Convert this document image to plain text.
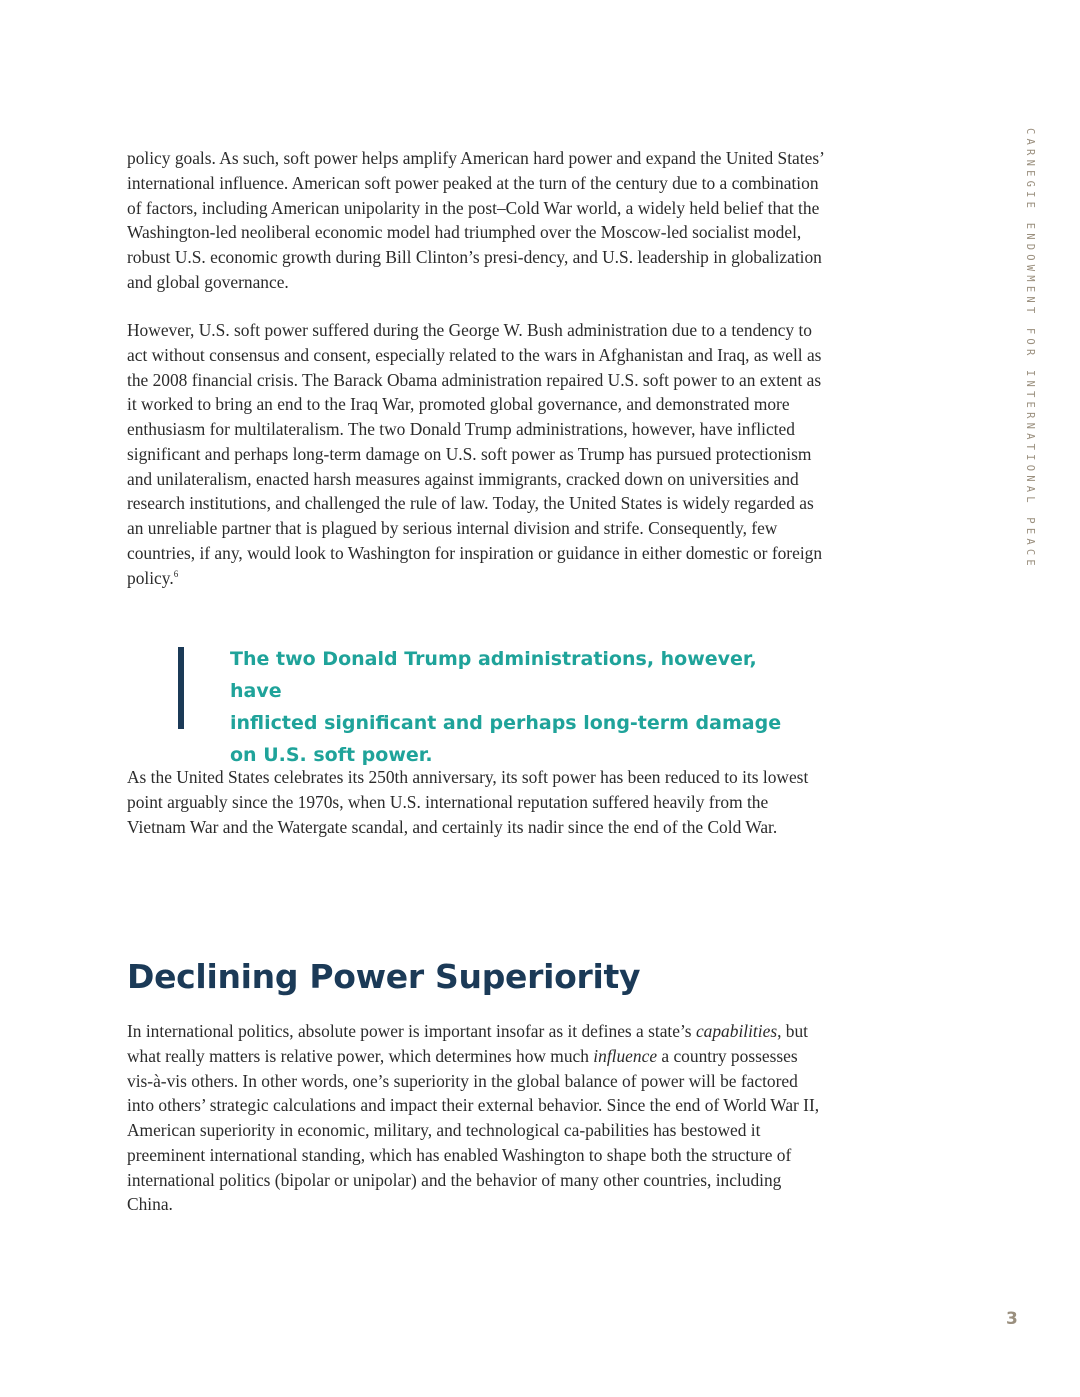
CARNEGIE ENDOWMENT FOR INTERNATIONAL PEACE

policy goals. As such, soft power helps amplify American hard power and expand the United States’ international influence. American soft power peaked at the turn of the century due to a combination of factors, including American unipolarity in the post–Cold War world, a widely held belief that the Washington-led neoliberal economic model had triumphed over the Moscow-led socialist model, robust U.S. economic growth during Bill Clinton’s presi-dency, and U.S. leadership in globalization and global governance.

However, U.S. soft power suffered during the George W. Bush administration due to a tendency to act without consensus and consent, especially related to the wars in Afghanistan and Iraq, as well as the 2008 financial crisis. The Barack Obama administration repaired U.S. soft power to an extent as it worked to bring an end to the Iraq War, promoted global governance, and demonstrated more enthusiasm for multilateralism. The two Donald Trump administrations, however, have inflicted significant and perhaps long-term damage on U.S. soft power as Trump has pursued protectionism and unilateralism, enacted harsh measures against immigrants, cracked down on universities and research institutions, and challenged the rule of law. Today, the United States is widely regarded as an unreliable partner that is plagued by serious internal division and strife. Consequently, few countries, if any, would look to Washington for inspiration or guidance in either domestic or foreign policy.$^6$

The two Donald Trump administrations, however, have
inflicted significant and perhaps long-term damage
on U.S. soft power.

As the United States celebrates its 250th anniversary, its soft power has been reduced to its lowest point arguably since the 1970s, when U.S. international reputation suffered heavily from the Vietnam War and the Watergate scandal, and certainly its nadir since the end of the Cold War.

Declining Power Superiority

In international politics, absolute power is important insofar as it defines a state’s capabilities, but what really matters is relative power, which determines how much influence a country possesses vis-à-vis others. In other words, one’s superiority in the global balance of power will be factored into others’ strategic calculations and impact their external behavior. Since the end of World War II, American superiority in economic, military, and technological ca-pabilities has bestowed it preeminent international standing, which has enabled Washington to shape both the structure of international politics (bipolar or unipolar) and the behavior of many other countries, including China.

3
